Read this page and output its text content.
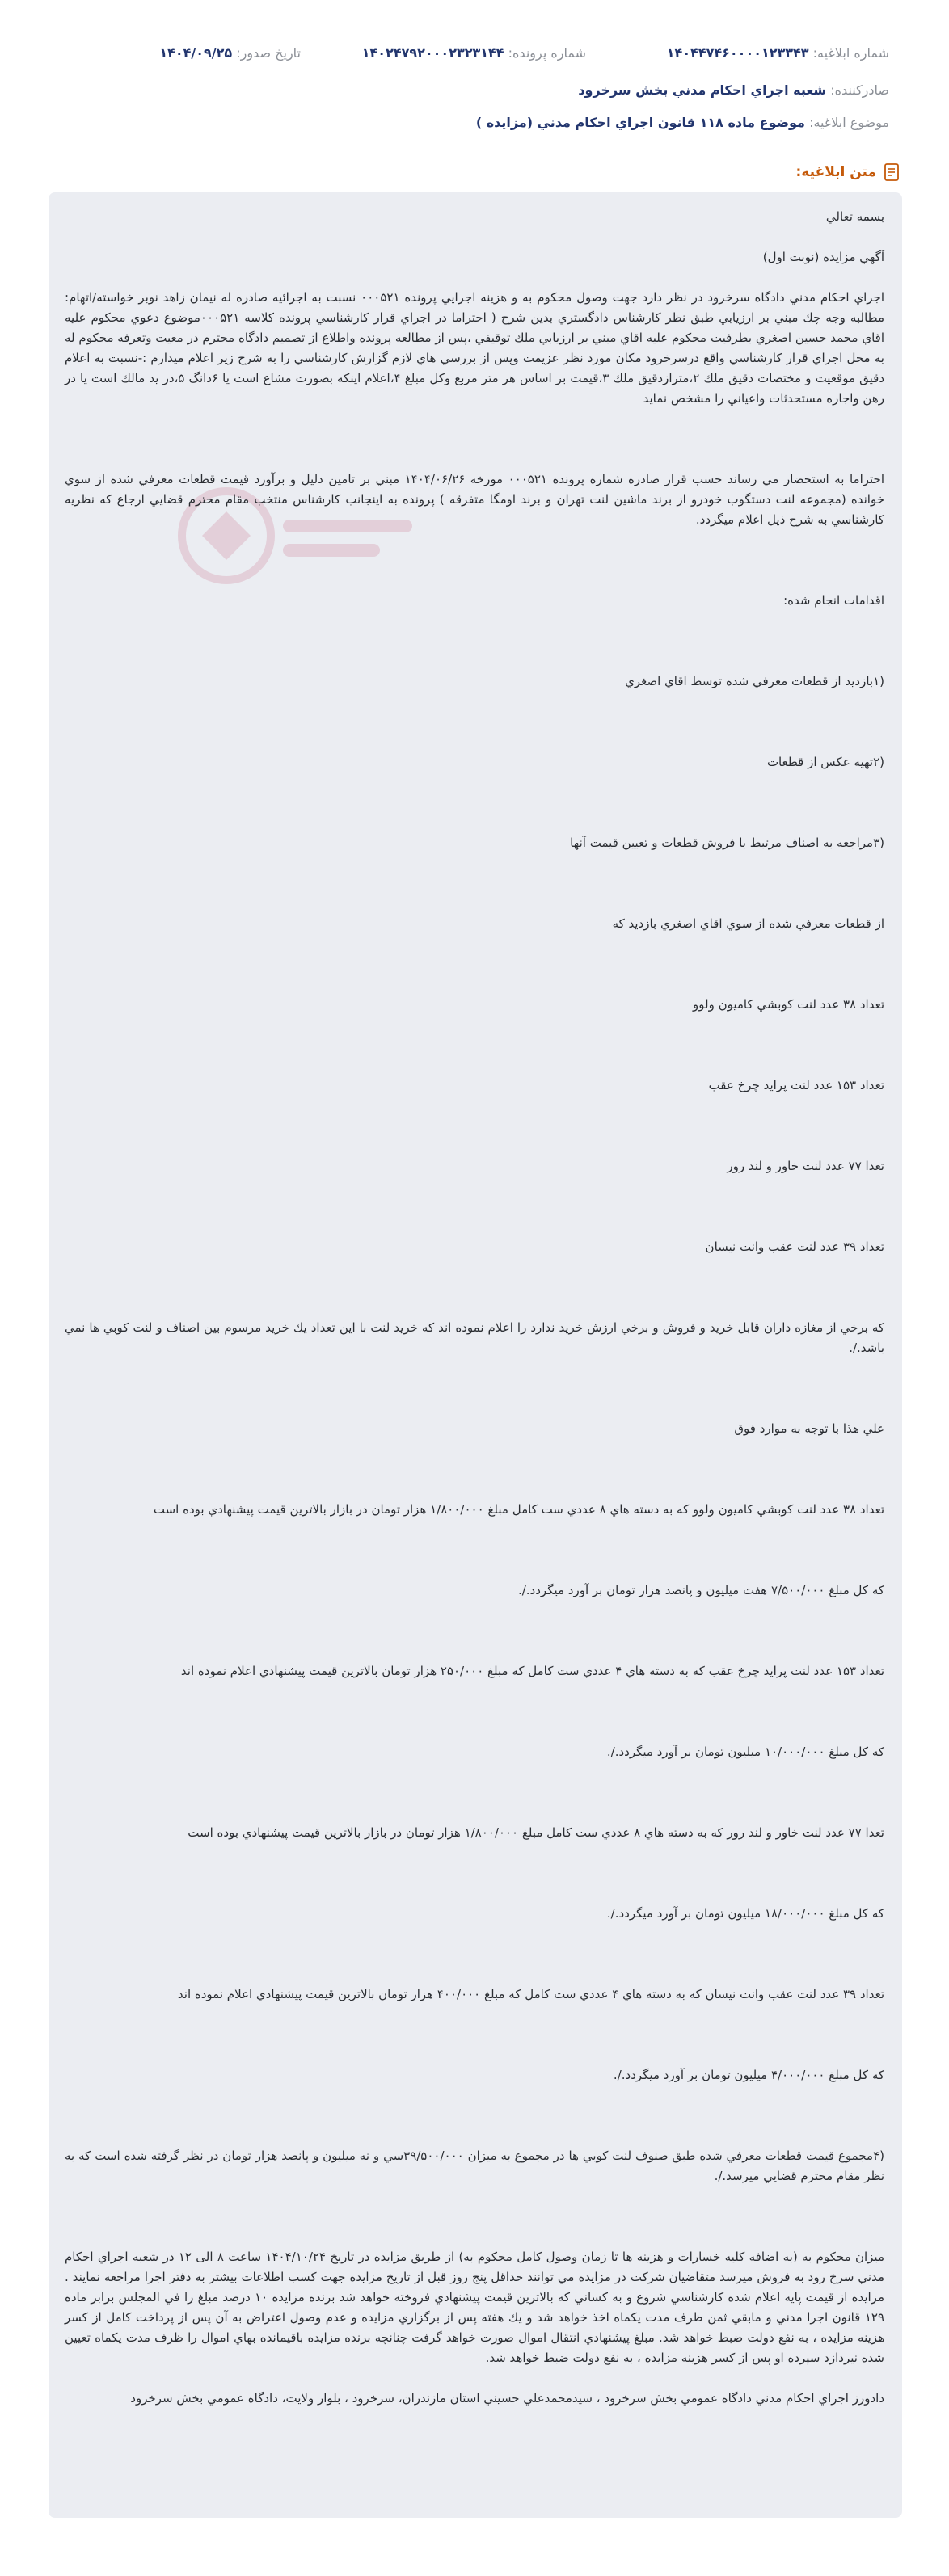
شماره ابلاغیه: ۱۴۰۴۴۷۴۶۰۰۰۰۱۲۳۳۴۳
شماره پرونده: ۱۴۰۲۴۷۹۲۰۰۰۲۳۲۳۱۴۴
تاریخ صدور: ۱۴۰۴/۰۹/۲۵
صادرکننده: شعبه اجراي احكام مدني بخش سرخرود
موضوع ابلاغیه: موضوع ماده ۱۱۸ قانون اجراي احكام مدني (مزايده )
متن ابلاغیه:

بسمه تعالي

آگهي مزايده (نوبت اول)

اجراي احكام مدني دادگاه سرخرود در نظر دارد جهت وصول محكوم به و هزينه اجرايي پرونده ۰۰۰۵۲۱ نسبت به اجرائيه صادره له نيمان زاهد نوبر خواسته/اتهام: مطالبه وجه چك مبني بر ارزيابي طبق نظر كارشناس دادگستري بدين شرح ( احتراما در اجراي قرار كارشناسي پرونده كلاسه ۰۰۰۵۲۱موضوع دعوي محكوم عليه اقاي محمد حسين اصغري بطرفيت محكوم عليه اقاي مبني بر ارزيابي ملك توقيفي ،پس از مطالعه پرونده واطلاع از تصميم دادگاه محترم در معيت وتعرفه محكوم له به محل اجراي قرار كارشناسي واقع درسرخرود مكان مورد نظر عزيمت وپس از بررسي هاي لازم گزارش كارشناسي را به شرح زير اعلام ميدارم :-نسبت به اعلام دقيق موقعيت و مختصات دقيق ملك ۲،مترازدقيق ملك ۳،قيمت بر اساس هر متر مربع وكل مبلغ ۴،اعلام اينكه بصورت مشاع است يا ۶دانگ ۵،در يد مالك است يا در رهن واجاره مستحدثات واعياني را مشخص نمايد

احتراما به استحضار مي رساند حسب قرار صادره شماره پرونده ۰۰۰۵۲۱ مورخه ۱۴۰۴/۰۶/۲۶ مبني بر تامين دليل و برآورد قيمت قطعات معرفي شده از سوي خوانده (مجموعه لنت دستگوب خودرو از برند ماشين لنت تهران و برند اومگا متفرقه ) پرونده به اينجانب كارشناس منتخب مقام محترم قضايي ارجاع كه نظريه كارشناسي به شرح ذيل اعلام ميگردد.

اقدامات انجام شده:

(۱بازديد از قطعات معرفي شده توسط اقاي اصغري

(۲تهيه عكس از قطعات

(۳مراجعه به اصناف مرتبط با فروش قطعات و تعيين قيمت آنها

از قطعات معرفي شده از سوي اقاي اصغري بازديد كه

تعداد ۳۸ عدد لنت كوبشي كاميون ولوو

تعداد ۱۵۳ عدد لنت پرايد چرخ عقب

تعدا ۷۷ عدد لنت خاور و لند رور

تعداد ۳۹ عدد لنت عقب وانت نيسان

كه برخي از مغازه داران قابل خريد و فروش و برخي ارزش خريد ندارد را اعلام نموده اند كه خريد لنت با اين تعداد يك خريد مرسوم بين اصناف و لنت كوبي ها نمي باشد./.

علي هذا با توجه به موارد فوق

تعداد ۳۸ عدد لنت كوبشي كاميون ولوو كه به دسته هاي ۸ عددي ست كامل مبلغ ۱/۸۰۰/۰۰۰ هزار تومان در بازار بالاترين قيمت پيشنهادي بوده است

كه كل مبلغ ۷/۵۰۰/۰۰۰ هفت ميليون و پانصد هزار تومان بر آورد ميگردد./.

تعداد ۱۵۳ عدد لنت پرايد چرخ عقب كه به دسته هاي ۴ عددي ست كامل كه مبلغ ۲۵۰/۰۰۰ هزار تومان بالاترين قيمت پيشنهادي اعلام نموده اند

كه كل مبلغ ۱۰/۰۰۰/۰۰۰ ميليون تومان بر آورد ميگردد./.

تعدا ۷۷ عدد لنت خاور و لند رور كه به دسته هاي ۸ عددي ست كامل مبلغ ۱/۸۰۰/۰۰۰ هزار تومان در بازار بالاترين قيمت پيشنهادي بوده است

كه كل مبلغ ۱۸/۰۰۰/۰۰۰ ميليون تومان بر آورد ميگردد./.

تعداد ۳۹ عدد لنت عقب وانت نيسان كه به دسته هاي ۴ عددي ست كامل كه مبلغ ۴۰۰/۰۰۰ هزار تومان بالاترين قيمت پيشنهادي اعلام نموده اند

كه كل مبلغ ۴/۰۰۰/۰۰۰ ميليون تومان بر آورد ميگردد./.

(۴مجموع قيمت قطعات معرفي شده طبق صنوف لنت كوبي ها در مجموع به ميزان ۳۹/۵۰۰/۰۰۰سي و نه ميليون و پانصد هزار تومان در نظر گرفته شده است كه به نظر مقام محترم قضايي ميرسد./.

ميزان محكوم به (به اضافه كليه خسارات و هزينه ها تا زمان وصول كامل محكوم به) از طريق مزايده در تاريخ ۱۴۰۴/۱۰/۲۴ ساعت ۸ الی ۱۲ در شعبه اجراي احكام مدني سرخ رود به فروش ميرسد متقاضيان شركت در مزايده مي توانند حداقل پنج روز قبل از تاريخ مزايده جهت كسب اطلاعات بيشتر به دفتر اجرا مراجعه نمايند . مزايده از قيمت پايه اعلام شده كارشناسي شروع و به كساني كه بالاترين قيمت پيشنهادي فروخته خواهد شد برنده مزايده ۱۰ درصد مبلغ را في المجلس برابر ماده ۱۲۹ قانون اجرا مدني و مابقي ثمن ظرف مدت يكماه اخذ خواهد شد و يك هفته پس از برگزاري مزايده و عدم وصول اعتراض به آن پس از پرداخت كامل از كسر هزينه مزايده ، به نفع دولت ضبط خواهد شد. مبلغ پيشنهادي انتقال اموال صورت خواهد گرفت چنانچه برنده مزايده باقيمانده بهاي اموال را ظرف مدت يكماه تعيين شده نيردازد سپرده او پس از كسر هزينه مزايده ، به نفع دولت ضبط خواهد شد.

دادورز اجراي احكام مدني دادگاه عمومي بخش سرخرود ، سيدمحمدعلي حسيني استان مازندران، سرخرود ، بلوار ولايت، دادگاه عمومي بخش سرخرود
